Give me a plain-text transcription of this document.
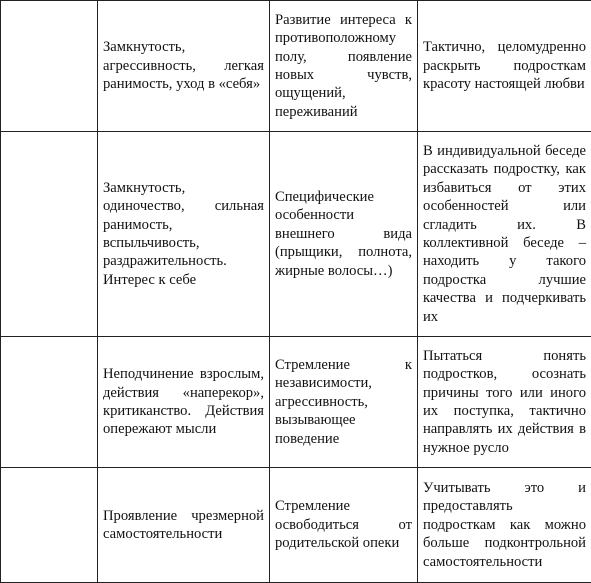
	Замкнутость, агрессивность, легкая ранимость, уход в «себя»	Развитие интереса к противоположному полу, появление новых чувств, ощущений, переживаний	Тактично, целомудренно раскрыть подросткам красоту настоящей любви

	Замкнутость, одиночество, сильная ранимость, вспыльчивость, раздражительность. Интерес к себе	Специфические особенности внешнего вида (прыщики, полнота, жирные волосы…)	В индивидуальной беседе рассказать подростку, как избавиться от этих особенностей или сгладить их. В коллективной беседе – находить у такого подростка лучшие качества и подчеркивать их

	Неподчинение взрослым, действия «наперекор», критиканство. Действия опережают мысли	Стремление к независимости, агрессивность, вызывающее поведение	Пытаться понять подростков, осознать причины того или иного их поступка, тактично направлять их действия в нужное русло

	Проявление чрезмерной самостоятельности	Стремление освободиться от родительской опеки	Учитывать это и предоставлять подросткам как можно больше подконтрольной самостоятельности
